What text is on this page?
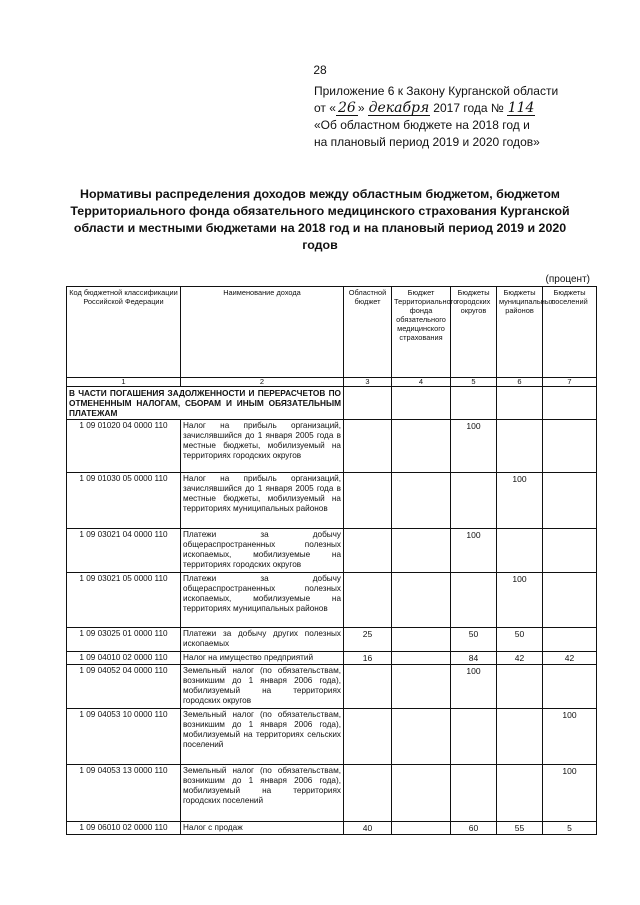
28
Приложение 6 к Закону Курганской области
от « 26 » декабря 2017 года № 114
«Об областном бюджете на 2018 год и
на плановый период 2019 и 2020 годов»
Нормативы распределения доходов между областным бюджетом, бюджетом Территориального фонда обязательного медицинского страхования Курганской области и местными бюджетами на 2018 год и на плановый период 2019 и 2020 годов
(процент)
Код бюджетной классификации Российской Федерации	Наименование дохода	Областной бюджет	Бюджет Территориального фонда обязательного медицинского страхования	Бюджеты городских округов	Бюджеты муниципальных районов	Бюджеты поселений
1	2	3	4	5	6	7
В ЧАСТИ ПОГАШЕНИЯ ЗАДОЛЖЕННОСТИ И ПЕРЕРАСЧЕТОВ ПО ОТМЕНЕННЫМ НАЛОГАМ, СБОРАМ И ИНЫМ ОБЯЗАТЕЛЬНЫМ ПЛАТЕЖАМ						
1 09 01020 04 0000 110	Налог на прибыль организаций, зачислявшийся до 1 января 2005 года в местные бюджеты, мобилизуемый на территориях городских округов			100		
1 09 01030 05 0000 110	Налог на прибыль организаций, зачислявшийся до 1 января 2005 года в местные бюджеты, мобилизуемый на территориях муниципальных районов				100	
1 09 03021 04 0000 110	Платежи за добычу общераспространенных полезных ископаемых, мобилизуемые на территориях городских округов			100		
1 09 03021 05 0000 110	Платежи за добычу общераспространенных полезных ископаемых, мобилизуемые на территориях муниципальных районов				100	
1 09 03025 01 0000 110	Платежи за добычу других полезных ископаемых	25		50	50	
1 09 04010 02 0000 110	Налог на имущество предприятий	16		84	42	42
1 09 04052 04 0000 110	Земельный налог (по обязательствам, возникшим до 1 января 2006 года), мобилизуемый на территориях городских округов			100		
1 09 04053 10 0000 110	Земельный налог (по обязательствам, возникшим до 1 января 2006 года), мобилизуемый на территориях сельских поселений					100
1 09 04053 13 0000 110	Земельный налог (по обязательствам, возникшим до 1 января 2006 года), мобилизуемый на территориях городских поселений					100
1 09 06010 02 0000 110	Налог с продаж	40		60	55	5
